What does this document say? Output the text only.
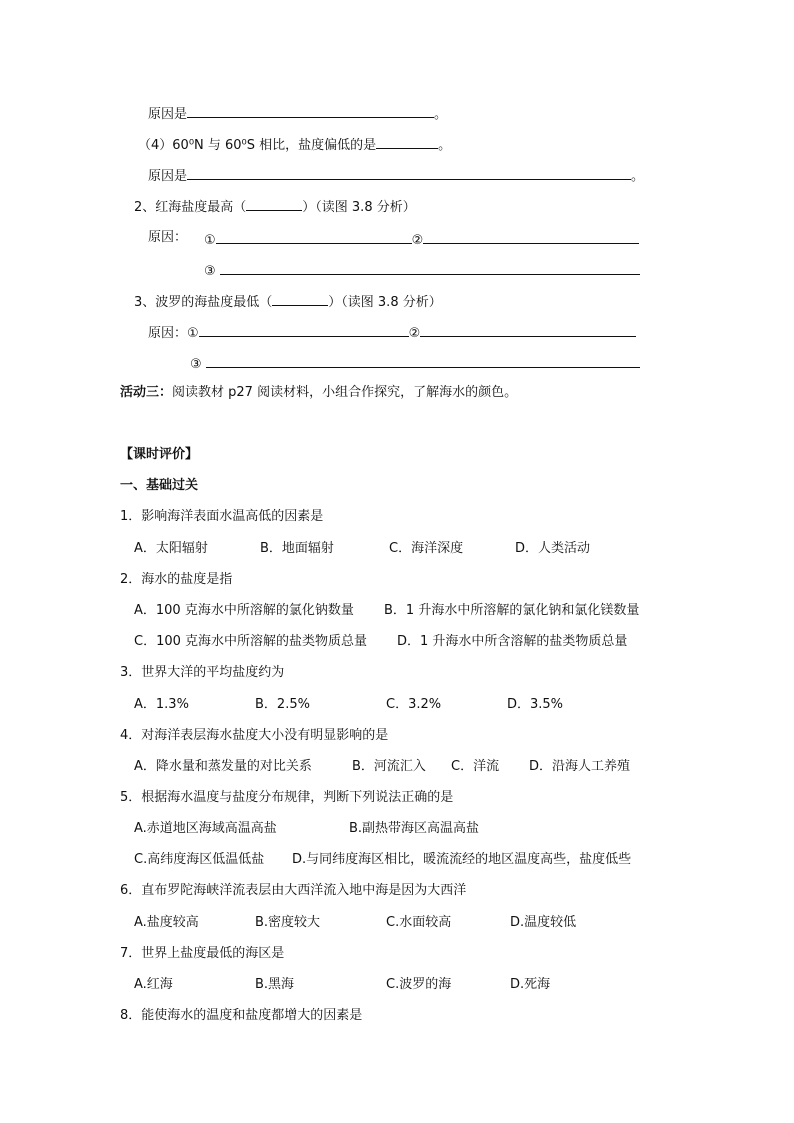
原因是	。
（4）60⁰N 与 60⁰S 相比，盐度偏低的是	。
原因是	。
2、红海盐度最高（	）（读图 3.8 分析）
原因： ①	②
③
3、波罗的海盐度最低（	）（读图 3.8 分析）
原因：①	②
③
活动三：阅读教材 p27 阅读材料，小组合作探究，了解海水的颜色。
【课时评价】
一、基础过关
1．影响海洋表面水温高低的因素是
A．太阳辐射	B．地面辐射	C．海洋深度	D．人类活动
2．海水的盐度是指
A．100 克海水中所溶解的氯化钠数量 B．1 升海水中所溶解的氯化钠和氯化镁数量
C．100 克海水中所溶解的盐类物质总量 D．1 升海水中所含溶解的盐类物质总量
3．世界大洋的平均盐度约为
A．1.3%	B．2.5%	C．3.2%	D．3.5%
4．对海洋表层海水盐度大小没有明显影响的是
A．降水量和蒸发量的对比关系	B．河流汇入 C．洋流 D．沿海人工养殖
5．根据海水温度与盐度分布规律，判断下列说法正确的是
A.赤道地区海域高温高盐	B.副热带海区高温高盐
C.高纬度海区低温低盐 D.与同纬度海区相比，暖流流经的地区温度高些，盐度低些
6．直布罗陀海峡洋流表层由大西洋流入地中海是因为大西洋
A.盐度较高	B.密度较大	C.水面较高	D.温度较低
7．世界上盐度最低的海区是
A.红海	B.黑海	C.波罗的海	D.死海
8．能使海水的温度和盐度都增大的因素是
